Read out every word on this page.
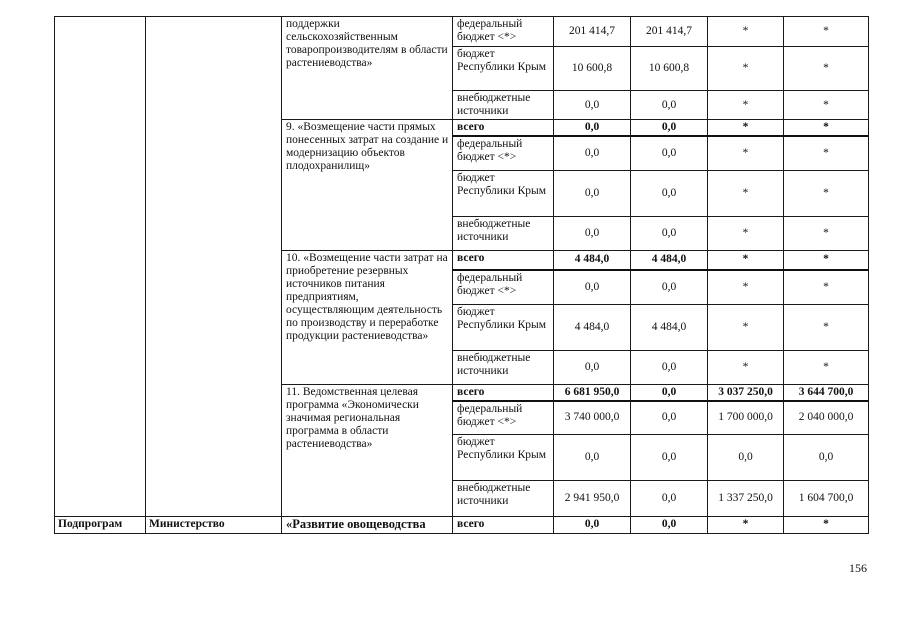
		поддержки сельскохозяйственным товаропроизводителям в области растениеводства»	федеральный бюджет <*>	201 414,7	201 414,7	*	*
			бюджет Республики Крым	10 600,8	10 600,8	*	*
			внебюджетные источники	0,0	0,0	*	*
		9. «Возмещение части прямых понесенных затрат на создание и модернизацию объектов плодохранилищ»	всего	0,0	0,0	*	*
			федеральный бюджет <*>	0,0	0,0	*	*
			бюджет Республики Крым	0,0	0,0	*	*
			внебюджетные источники	0,0	0,0	*	*
		10. «Возмещение части затрат на приобретение резервных источников питания предприятиям, осуществляющим деятельность по производству и переработке продукции растениеводства»	всего	4 484,0	4 484,0	*	*
			федеральный бюджет <*>	0,0	0,0	*	*
			бюджет Республики Крым	4 484,0	4 484,0	*	*
			внебюджетные источники	0,0	0,0	*	*
		11. Ведомственная целевая программа «Экономически значимая региональная программа в области растениеводства»	всего	6 681 950,0	0,0	3 037 250,0	3 644 700,0
			федеральный бюджет <*>	3 740 000,0	0,0	1 700 000,0	2 040 000,0
			бюджет Республики Крым	0,0	0,0	0,0	0,0
			внебюджетные источники	2 941 950,0	0,0	1 337 250,0	1 604 700,0
Подпрограм	Министерство	«Развитие овощеводства	всего	0,0	0,0	*	*
156
